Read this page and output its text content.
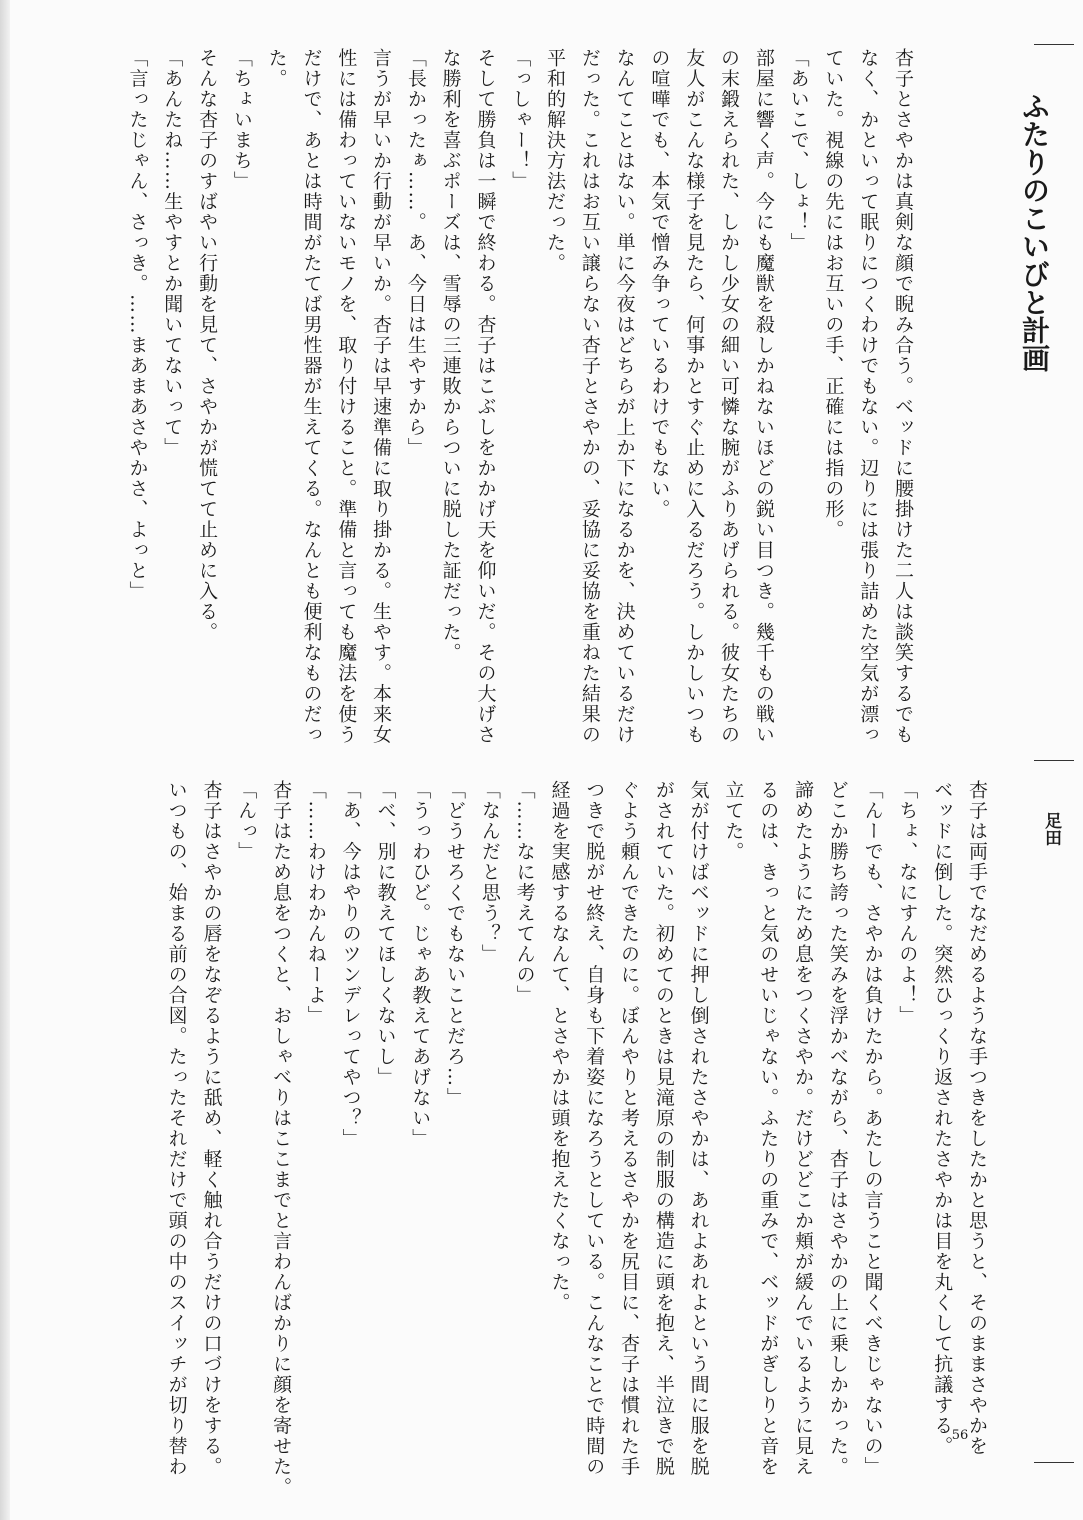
ふたりのこいびと計画
足田
杏子とさやかは真剣な顔で睨み合う。ベッドに腰掛けた二人は談笑するでも
なく、かといって眠りにつくわけでもない。辺りには張り詰めた空気が漂っ
ていた。視線の先にはお互いの手、正確には指の形。
「あいこで、しょ！」
部屋に響く声。今にも魔獣を殺しかねないほどの鋭い目つき。幾千もの戦い
の末鍛えられた、しかし少女の細い可憐な腕がふりあげられる。彼女たちの
友人がこんな様子を見たら、何事かとすぐ止めに入るだろう。しかしいつも
の喧嘩でも、本気で憎み争っているわけでもない。
なんてことはない。単に今夜はどちらが上か下になるかを、決めているだけ
だった。これはお互い譲らない杏子とさやかの、妥協に妥協を重ねた結果の
平和的解決方法だった。
「っしゃー！」
そして勝負は一瞬で終わる。杏子はこぶしをかかげ天を仰いだ。その大げさ
な勝利を喜ぶポーズは、雪辱の三連敗からついに脱した証だった。
「長かったぁ……。あ、今日は生やすから」
言うが早いか行動が早いか。杏子は早速準備に取り掛かる。生やす。本来女
性には備わっていないモノを、取り付けること。準備と言っても魔法を使う
だけで、あとは時間がたてば男性器が生えてくる。なんとも便利なものだっ
た。
「ちょいまち」
そんな杏子のすばやい行動を見て、さやかが慌てて止めに入る。
「あんたね……生やすとか聞いてないって」
「言ったじゃん、さっき。……まあまあさやかさ、よっと」
杏子は両手でなだめるような手つきをしたかと思うと、そのままさやかを
ベッドに倒した。突然ひっくり返されたさやかは目を丸くして抗議する。
「ちょ、なにすんのよ！」
「んーでも、さやかは負けたから。あたしの言うこと聞くべきじゃないの」
どこか勝ち誇った笑みを浮かべながら、杏子はさやかの上に乗しかかった。
諦めたようにため息をつくさやか。だけどどこか頬が緩んでいるように見え
るのは、きっと気のせいじゃない。ふたりの重みで、ベッドがぎしりと音を
立てた。
気が付けばベッドに押し倒されたさやかは、あれよあれよという間に服を脱
がされていた。初めてのときは見滝原の制服の構造に頭を抱え、半泣きで脱
ぐよう頼んできたのに。ぼんやりと考えるさやかを尻目に、杏子は慣れた手
つきで脱がせ終え、自身も下着姿になろうとしている。こんなことで時間の
経過を実感するなんて、とさやかは頭を抱えたくなった。
「……なに考えてんの」
「なんだと思う？」
「どうせろくでもないことだろ…」
「うっわひど。じゃあ教えてあげない」
「べ、別に教えてほしくないし」
「あ、今はやりのツンデレってやつ？」
「……わけわかんねーよ」
杏子はため息をつくと、おしゃべりはここまでと言わんばかりに顔を寄せた。
「んっ」
杏子はさやかの唇をなぞるように舐め、軽く触れ合うだけの口づけをする。
いつもの、始まる前の合図。たったそれだけで頭の中のスイッチが切り替わ	56
